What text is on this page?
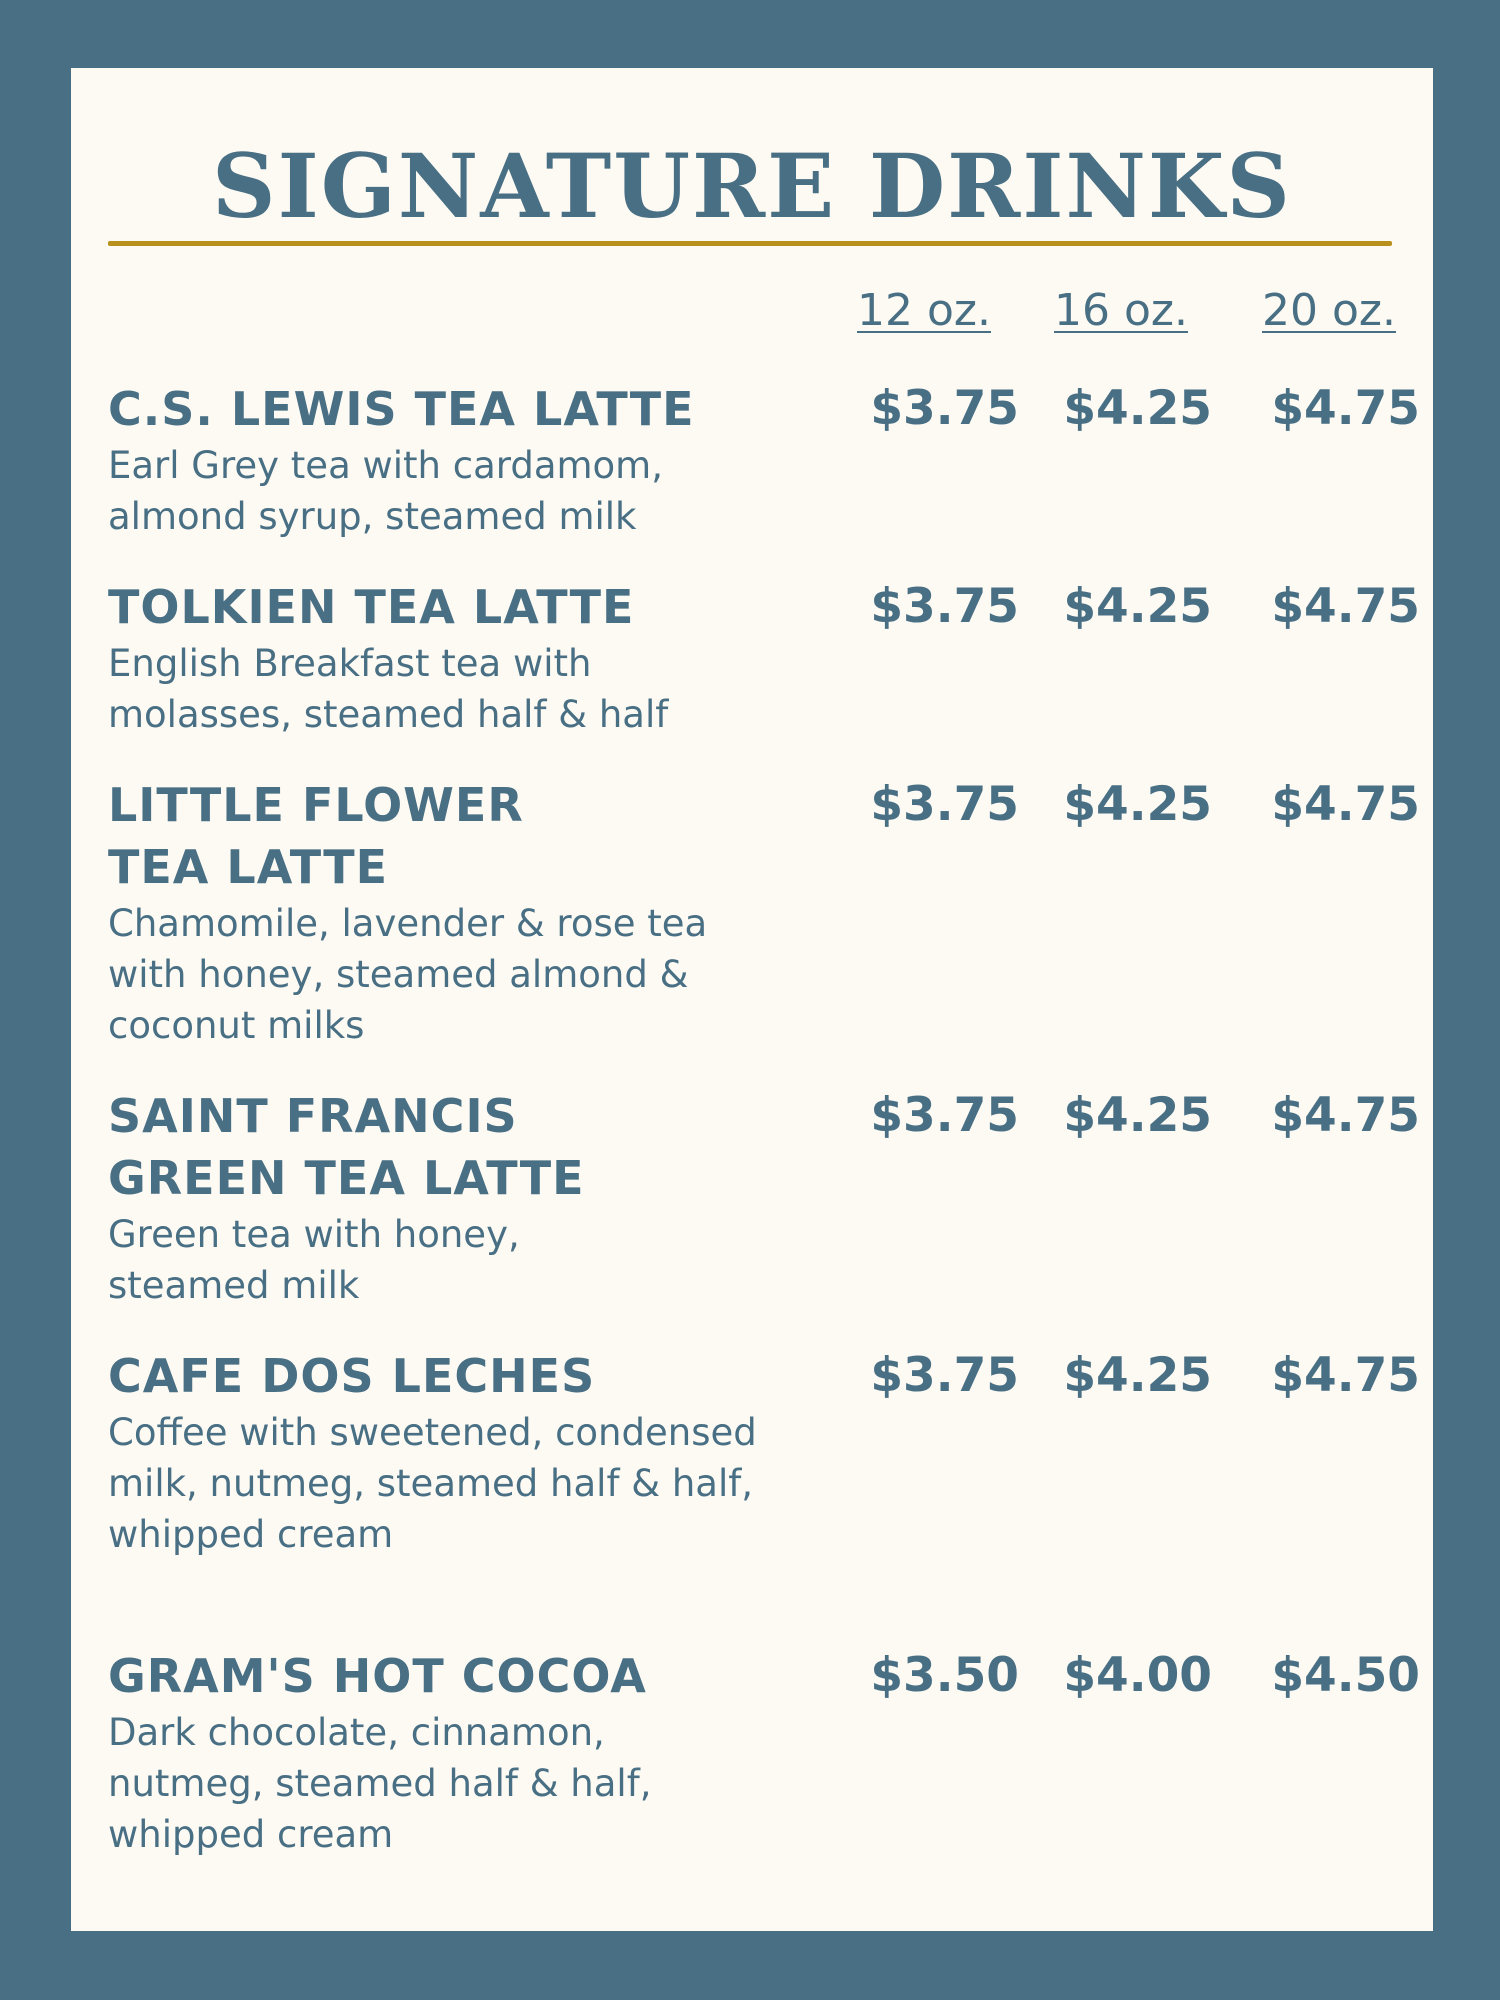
SIGNATURE DRINKS
12 oz.	16 oz.	20 oz.
C.S. LEWIS TEA LATTE
Earl Grey tea with cardamom, almond syrup, steamed milk
$3.75 $4.25	$4.75
TOLKIEN TEA LATTE
English Breakfast tea with molasses, steamed half & half
$3.75 $4.25	$4.75
LITTLE FLOWER TEA LATTE
Chamomile, lavender & rose tea with honey, steamed almond & coconut milks
$3.75 $4.25	$4.75
SAINT FRANCIS GREEN TEA LATTE
Green tea with honey, steamed milk
$3.75 $4.25	$4.75
CAFE DOS LECHES
Coffee with sweetened, condensed milk, nutmeg, steamed half & half, whipped cream
$3.75 $4.25	$4.75
GRAM'S HOT COCOA
Dark chocolate, cinnamon, nutmeg, steamed half & half, whipped cream
$3.50 $4.00	$4.50
